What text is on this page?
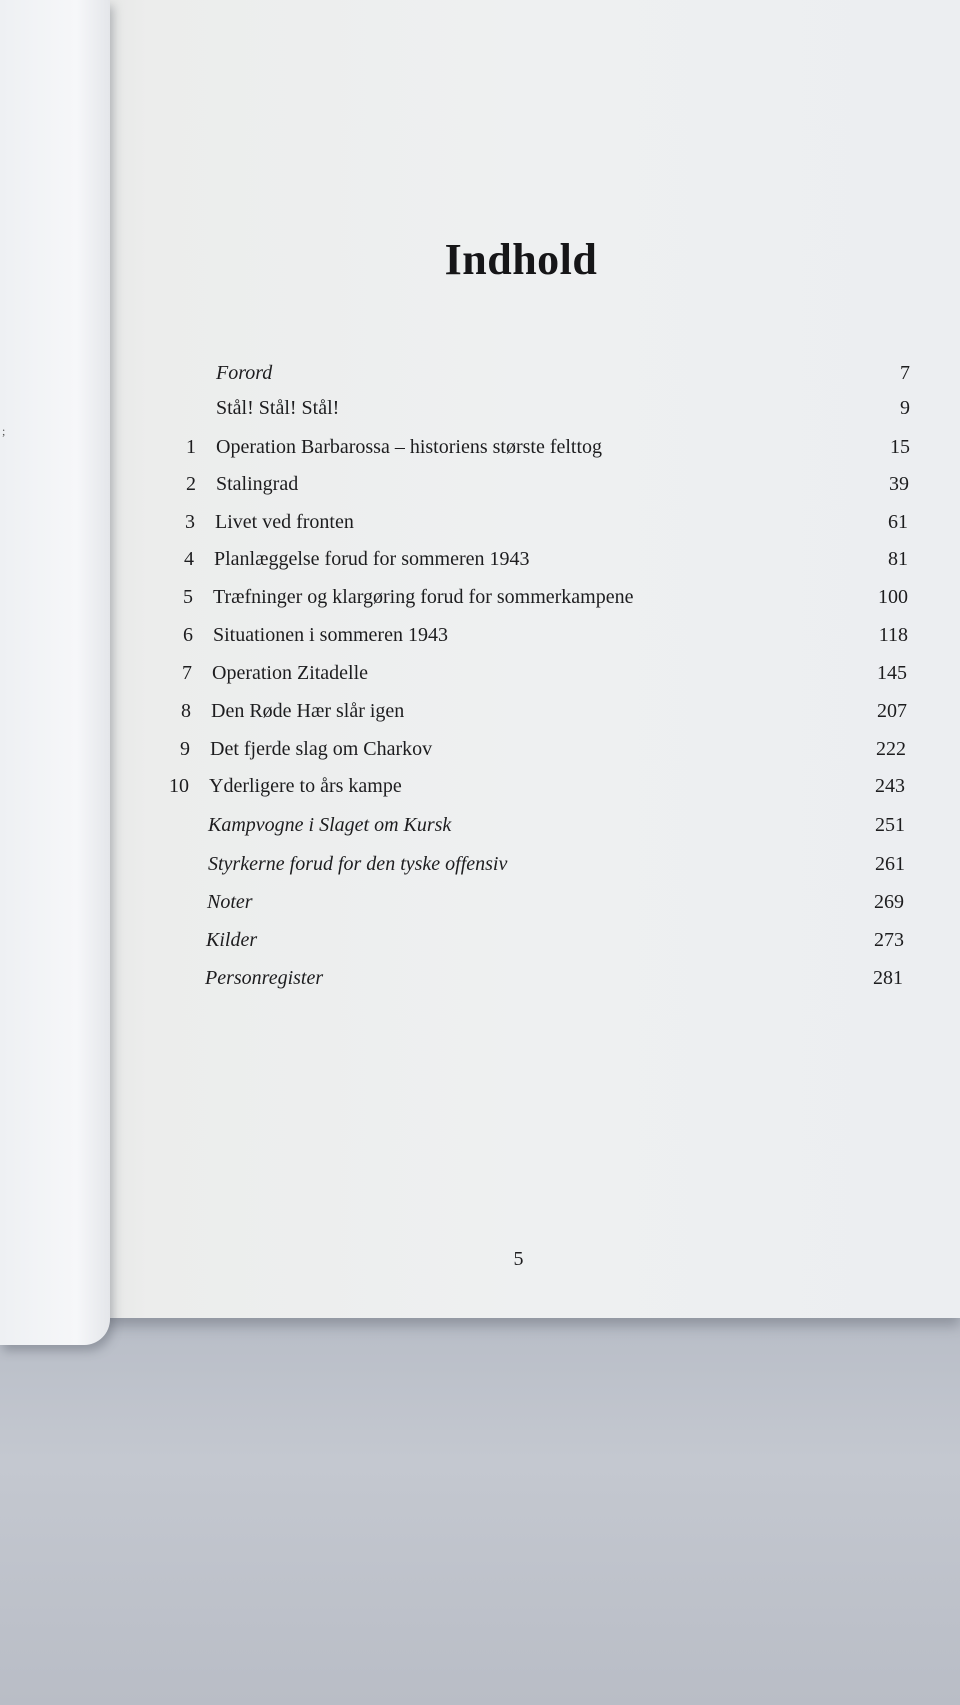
;
Indhold
Forord	7
Stål! Stål! Stål!	9
1 Operation Barbarossa – historiens største felttog	15
2 Stalingrad	39
3 Livet ved fronten	61
4 Planlæggelse forud for sommeren 1943	81
5 Træfninger og klargøring forud for sommerkampene	100
6 Situationen i sommeren 1943	118
7 Operation Zitadelle	145
8 Den Røde Hær slår igen	207
9 Det fjerde slag om Charkov	222
10 Yderligere to års kampe	243
Kampvogne i Slaget om Kursk	251
Styrkerne forud for den tyske offensiv	261
Noter	269
Kilder	273
Personregister	281
5
